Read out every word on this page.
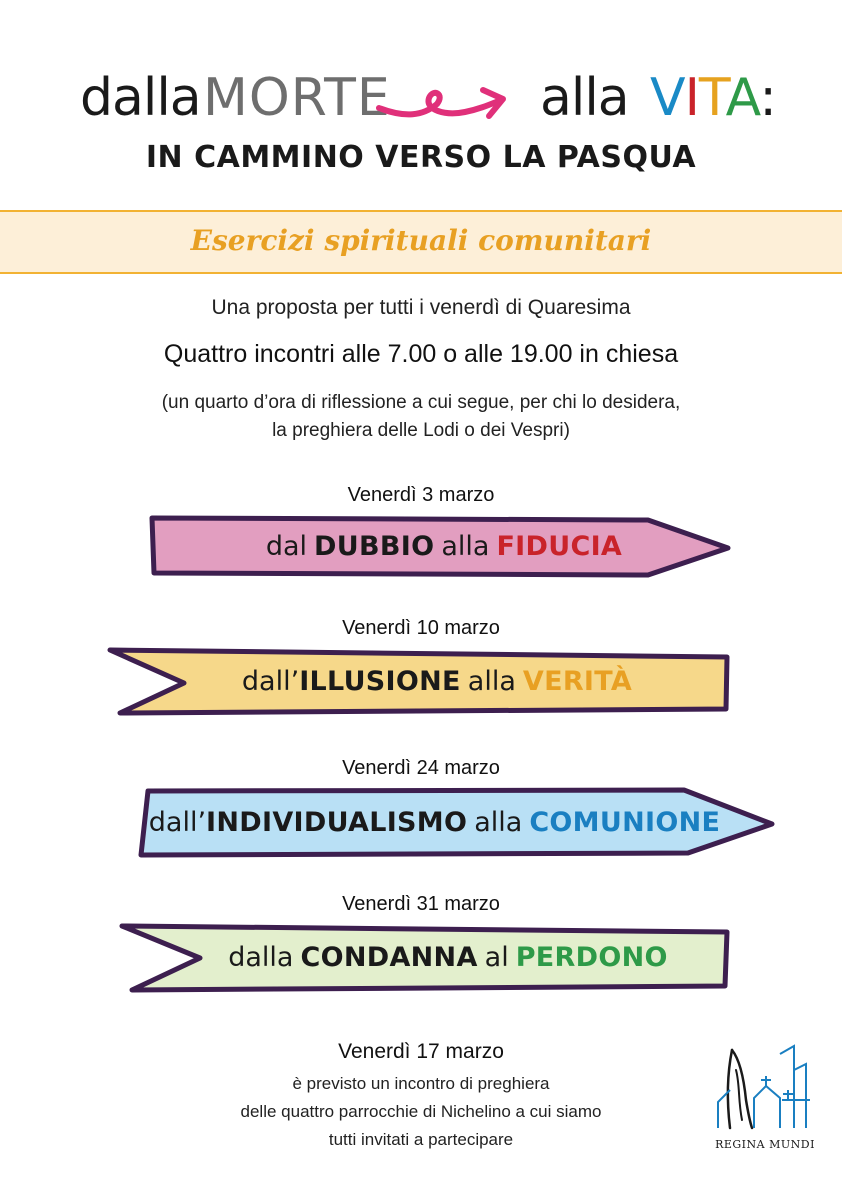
dalla MORTE	alla VITA:
IN CAMMINO VERSO LA PASQUA
Esercizi spirituali comunitari
Una proposta per tutti i venerdì di Quaresima
Quattro incontri alle 7.00 o alle 19.00 in chiesa
(un quarto d’ora di riflessione a cui segue, per chi lo desidera,
la preghiera delle Lodi o dei Vespri)
Venerdì 3 marzo
dal DUBBIO alla FIDUCIA
Venerdì 10 marzo
dall’ ILLUSIONE alla VERITÀ
Venerdì 24 marzo
dall’ INDIVIDUALISMO alla COMUNIONE
Venerdì 31 marzo
dalla CONDANNA al PERDONO
Venerdì 17 marzo
è previsto un incontro di preghiera
delle quattro parrocchie di Nichelino a cui siamo
tutti invitati a partecipare	REGINA MUNDI
